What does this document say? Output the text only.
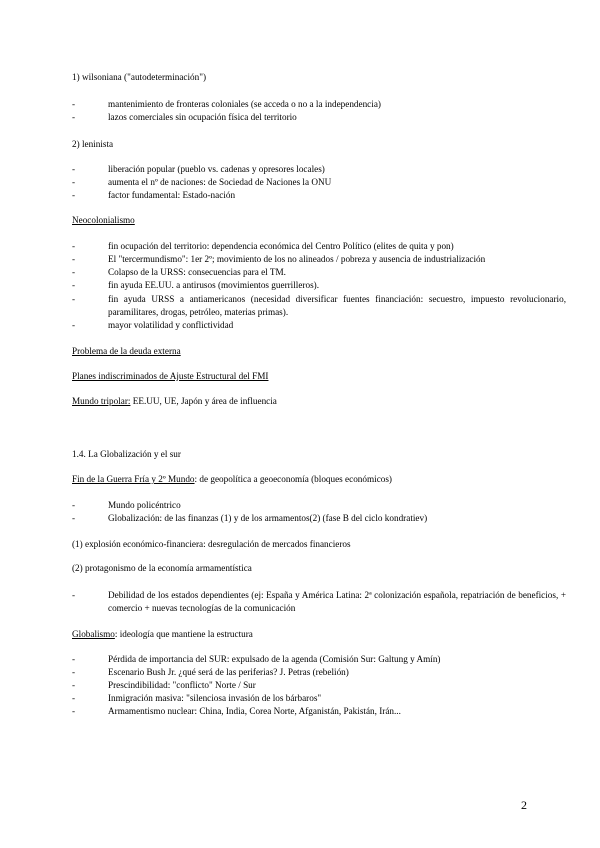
1) wilsoniana ("autodeterminación")
-	mantenimiento de fronteras coloniales (se acceda o no a la independencia)
-	lazos comerciales sin ocupación física del territorio
2) leninista
-	liberación popular (pueblo vs. cadenas y opresores locales)
-	aumenta el nº de naciones: de Sociedad de Naciones la ONU
-	factor fundamental: Estado-nación
Neocolonialismo
-	fin ocupación del territorio: dependencia económica del Centro Político (elites de quita y pon)
-	El "tercermundismo": 1er 2º; movimiento de los no alineados / pobreza y ausencia de industrialización
-	Colapso de la URSS: consecuencias para el TM.
-	fin ayuda EE.UU. a antirusos (movimientos guerrilleros).
-	fin ayuda URSS a antiamericanos (necesidad diversificar fuentes financiación: secuestro, impuesto revolucionario, paramilitares, drogas, petróleo, materias primas).
-	mayor volatilidad y conflictividad
Problema de la deuda externa
Planes indiscriminados de Ajuste Estructural del FMI
Mundo tripolar: EE.UU, UE, Japón y área de influencia
1.4. La Globalización y el sur
Fin de la Guerra Fría y 2º Mundo: de geopolítica a geoeconomía (bloques económicos)
-	Mundo policéntrico
-	Globalización: de las finanzas (1) y de los armamentos(2) (fase B del ciclo kondratiev)
(1) explosión económico-financiera: desregulación de mercados financieros
(2) protagonismo de la economía armamentística
-	Debilidad de los estados dependientes (ej: España y América Latina: 2ª colonización española, repatriación de beneficios, + comercio + nuevas tecnologías de la comunicación
Globalismo: ideología que mantiene la estructura
-	Pérdida de importancia del SUR: expulsado de la agenda (Comisión Sur: Galtung y Amín)
-	Escenario Bush Jr. ¿qué será de las periferias? J. Petras (rebelión)
-	Prescindibilidad: "conflicto" Norte / Sur
-	Inmigración masiva: "silenciosa invasión de los bárbaros"
-	Armamentismo nuclear: China, India, Corea Norte, Afganistán, Pakistán, Irán...
2
